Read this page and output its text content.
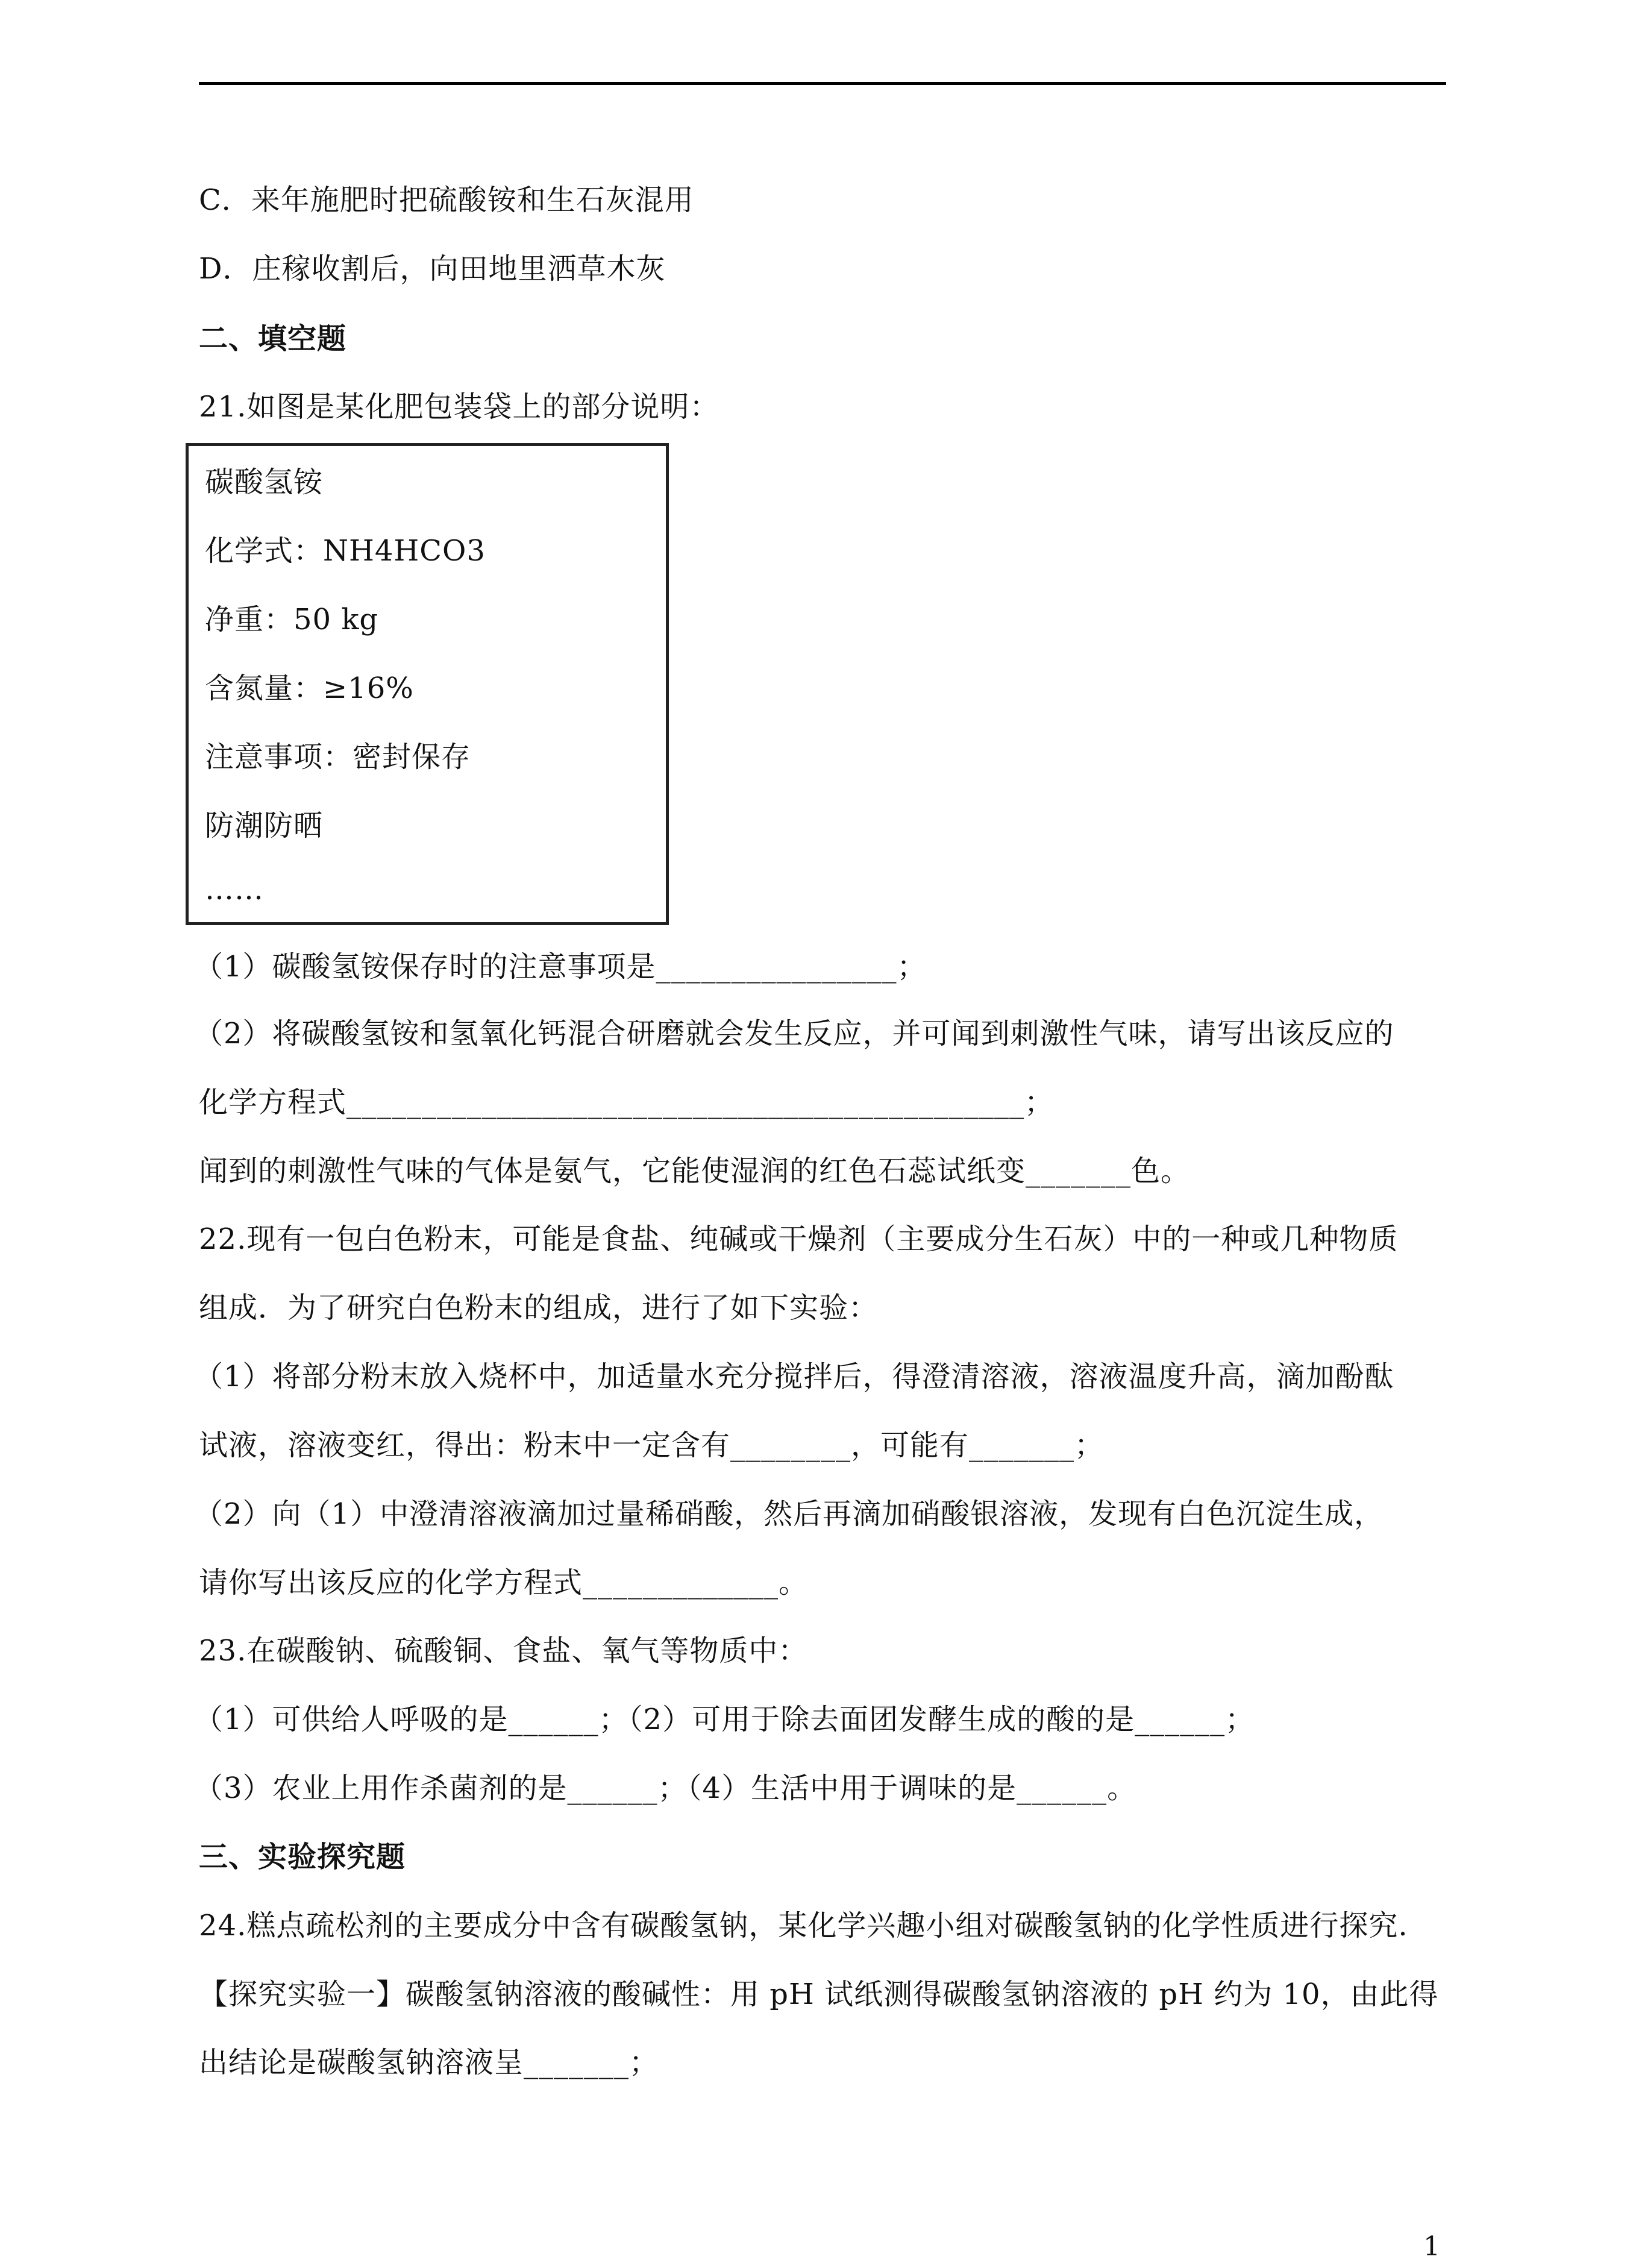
C．来年施肥时把硫酸铵和生石灰混用
D．庄稼收割后，向田地里洒草木灰
二、填空题
21.如图是某化肥包装袋上的部分说明：
碳酸氢铵
化学式：NH4HCO3
净重：50 kg
含氮量：≥16%
注意事项：密封保存
防潮防晒
……
（1）碳酸氢铵保存时的注意事项是________________；
（2）将碳酸氢铵和氢氧化钙混合研磨就会发生反应，并可闻到刺激性气味，请写出该反应的
化学方程式_____________________________________________；
闻到的刺激性气味的气体是氨气，它能使湿润的红色石蕊试纸变_______色。
22.现有一包白色粉末，可能是食盐、纯碱或干燥剂（主要成分生石灰）中的一种或几种物质
组成．为了研究白色粉末的组成，进行了如下实验：
（1）将部分粉末放入烧杯中，加适量水充分搅拌后，得澄清溶液，溶液温度升高，滴加酚酞
试液，溶液变红，得出：粉末中一定含有________，可能有_______；
（2）向（1）中澄清溶液滴加过量稀硝酸，然后再滴加硝酸银溶液，发现有白色沉淀生成，
请你写出该反应的化学方程式_____________。
23.在碳酸钠、硫酸铜、食盐、氧气等物质中：
（1）可供给人呼吸的是______；（2）可用于除去面团发酵生成的酸的是______；
（3）农业上用作杀菌剂的是______；（4）生活中用于调味的是______。
三、实验探究题
24.糕点疏松剂的主要成分中含有碳酸氢钠，某化学兴趣小组对碳酸氢钠的化学性质进行探究.
【探究实验一】碳酸氢钠溶液的酸碱性：用 pH 试纸测得碳酸氢钠溶液的 pH 约为 10，由此得
出结论是碳酸氢钠溶液呈_______；
1
